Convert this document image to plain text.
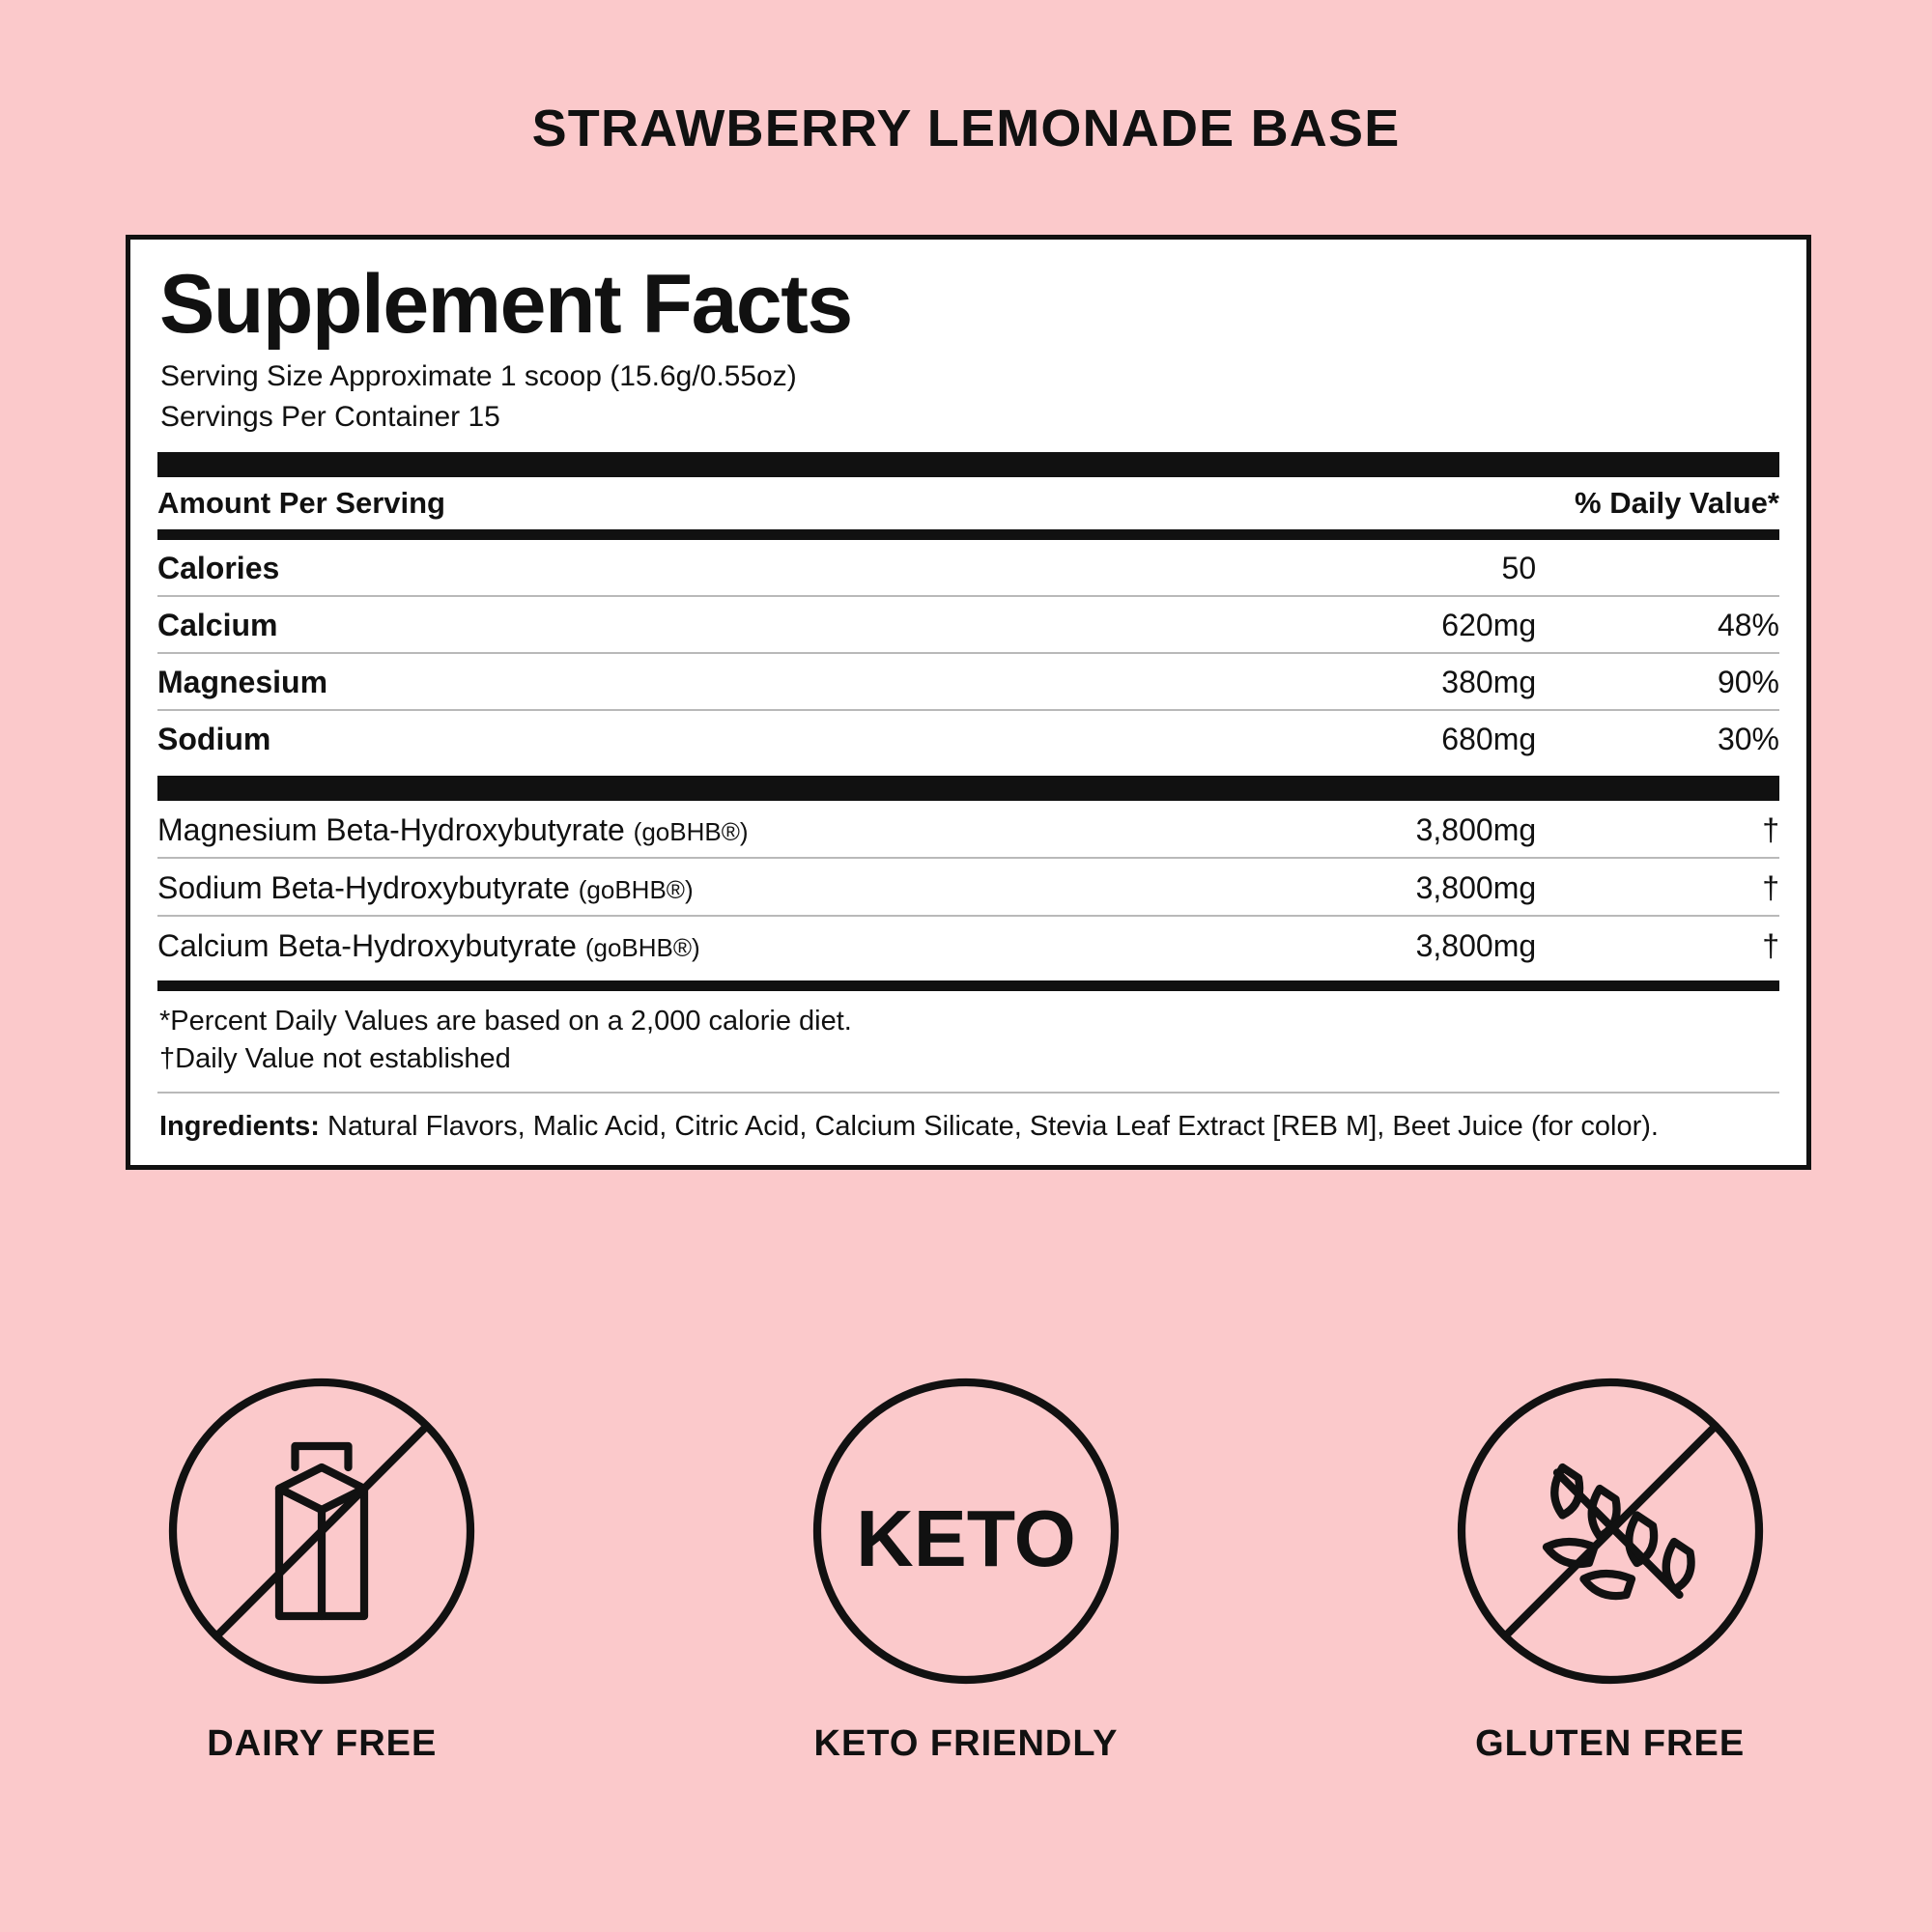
STRAWBERRY LEMONADE BASE
Supplement Facts
Serving Size Approximate 1 scoop (15.6g/0.55oz)
Servings Per Container 15
Amount Per Serving		% Daily Value*
Calories	50	
Calcium	620mg	48%
Magnesium	380mg	90%
Sodium	680mg	30%
Magnesium Beta-Hydroxybutyrate (goBHB®)	3,800mg	†
Sodium Beta-Hydroxybutyrate (goBHB®)	3,800mg	†
Calcium Beta-Hydroxybutyrate (goBHB®)	3,800mg	†
*Percent Daily Values are based on a 2,000 calorie diet.
†Daily Value not established
Ingredients: Natural Flavors, Malic Acid, Citric Acid, Calcium Silicate, Stevia Leaf Extract [REB M], Beet Juice (for color).
DAIRY FREE
KETO
KETO FRIENDLY	GLUTEN FREE
